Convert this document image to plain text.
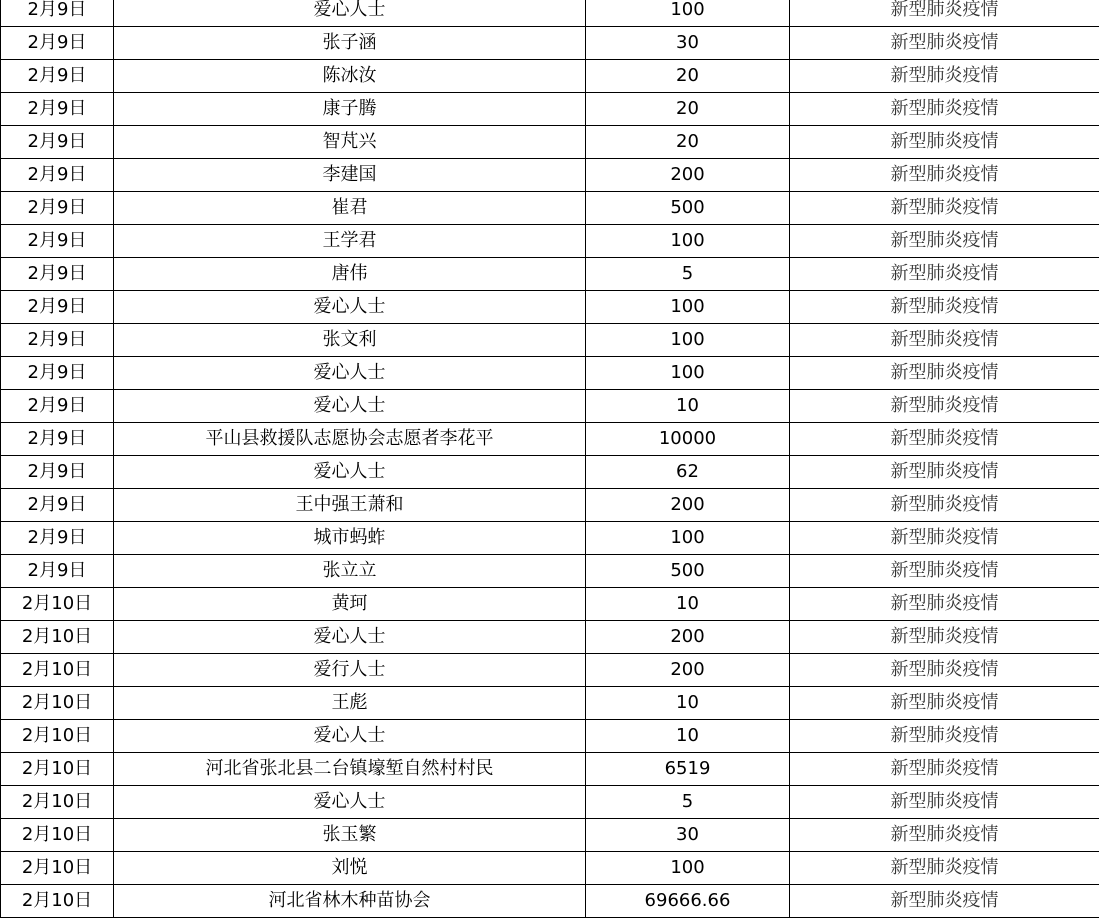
2月9日	爱心人士	100	新型肺炎疫情
2月9日	张子涵	30	新型肺炎疫情
2月9日	陈冰汝	20	新型肺炎疫情
2月9日	康子腾	20	新型肺炎疫情
2月9日	智芃兴	20	新型肺炎疫情
2月9日	李建国	200	新型肺炎疫情
2月9日	崔君	500	新型肺炎疫情
2月9日	王学君	100	新型肺炎疫情
2月9日	唐伟	5	新型肺炎疫情
2月9日	爱心人士	100	新型肺炎疫情
2月9日	张文利	100	新型肺炎疫情
2月9日	爱心人士	100	新型肺炎疫情
2月9日	爱心人士	10	新型肺炎疫情
2月9日	平山县救援队志愿协会志愿者李花平	10000	新型肺炎疫情
2月9日	爱心人士	62	新型肺炎疫情
2月9日	王中强王萧和	200	新型肺炎疫情
2月9日	城市蚂蚱	100	新型肺炎疫情
2月9日	张立立	500	新型肺炎疫情
2月10日	黄珂	10	新型肺炎疫情
2月10日	爱心人士	200	新型肺炎疫情
2月10日	爱行人士	200	新型肺炎疫情
2月10日	王彪	10	新型肺炎疫情
2月10日	爱心人士	10	新型肺炎疫情
2月10日	河北省张北县二台镇壕堑自然村村民	6519	新型肺炎疫情
2月10日	爱心人士	5	新型肺炎疫情
2月10日	张玉繁	30	新型肺炎疫情
2月10日	刘悦	100	新型肺炎疫情
2月10日	河北省林木种苗协会	69666.66	新型肺炎疫情
